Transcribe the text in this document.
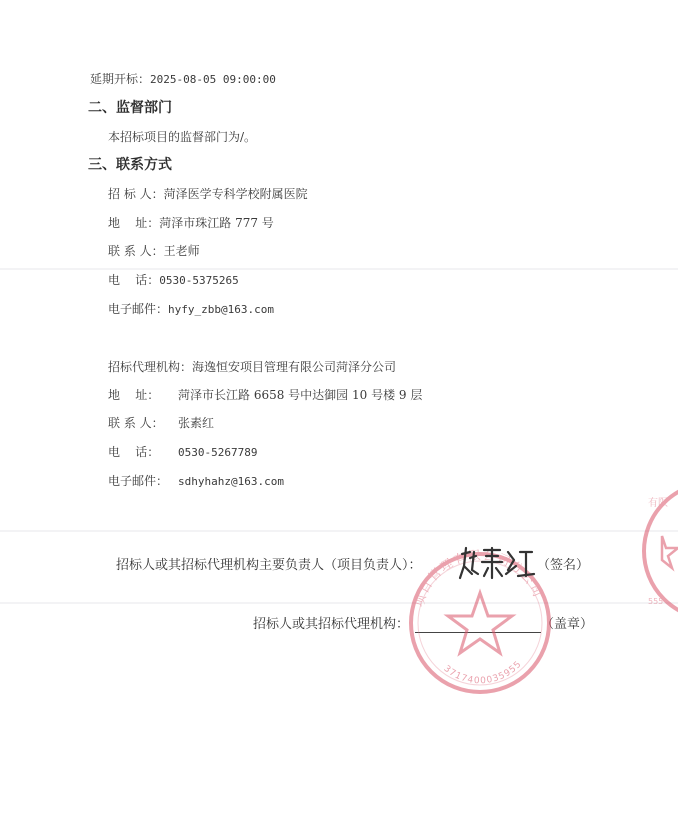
延期开标：2025-08-05 09:00:00
二、监督部门
本招标项目的监督部门为/。
三、联系方式
招 标 人：菏泽医学专科学校附属医院
地    址：菏泽市珠江路 777 号
联 系 人：王老师
电    话：0530-5375265
电子邮件：hyfy_zbb@163.com
招标代理机构：海逸恒安项目管理有限公司菏泽分公司
地    址： 菏泽市长江路 6658 号中达御园 10 号楼 9 层
联 系 人： 张素红
电    话： 0530-5267789
电子邮件： sdhyhahz@163.com
招标人或其招标代理机构主要负责人（项目负责人）：	（签名）
招标人或其招标代理机构：	（盖章）
3717400035955
项目管理有限公司分公司
有限
555
